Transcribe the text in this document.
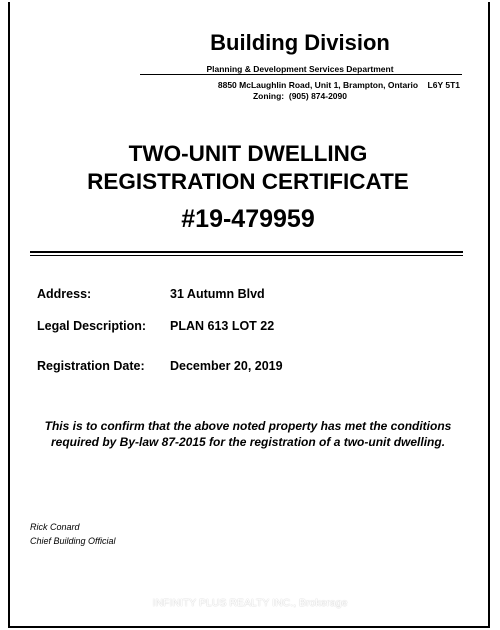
Building Division
Planning & Development Services Department
8850 McLaughlin Road, Unit 1, Brampton, Ontario    L6Y 5T1
Zoning:  (905) 874-2090
TWO-UNIT DWELLING
REGISTRATION CERTIFICATE
#19-479959
Address:	31 Autumn Blvd
Legal Description: PLAN 613 LOT 22
Registration Date: December 20, 2019
This is to confirm that the above noted property has met the conditions
required by By-law 87-2015 for the registration of a two-unit dwelling.
Rick Conard
Chief Building Official
INFINITY PLUS REALTY INC., Brokerage
